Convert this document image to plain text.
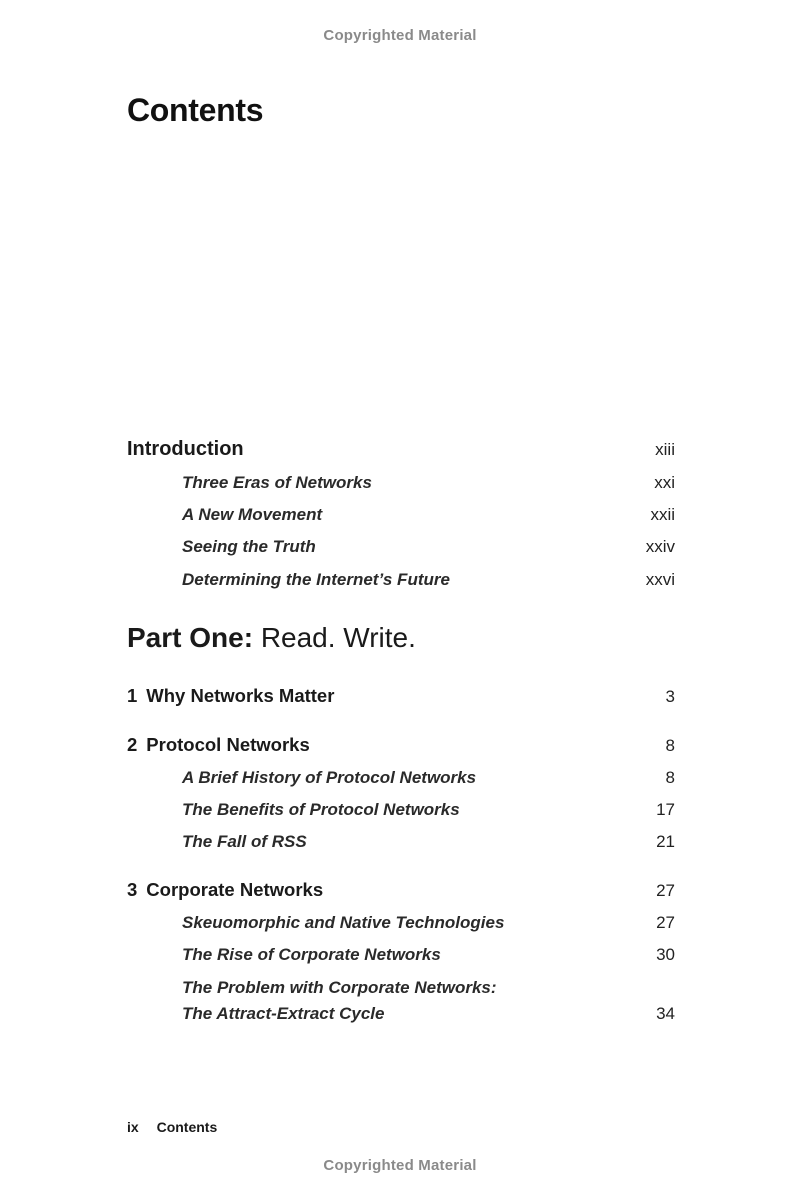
Copyrighted Material
Contents
Introduction	xiii
Three Eras of Networks	xxi
A New Movement	xxii
Seeing the Truth	xxiv
Determining the Internet’s Future	xxvi
Part One: Read. Write.
1 Why Networks Matter	3
2 Protocol Networks	8
A Brief History of Protocol Networks	8
The Benefits of Protocol Networks	17
The Fall of RSS	21
3 Corporate Networks	27
Skeuomorphic and Native Technologies	27
The Rise of Corporate Networks	30
The Problem with Corporate Networks:
The Attract-Extract Cycle	34
ix Contents
Copyrighted Material
